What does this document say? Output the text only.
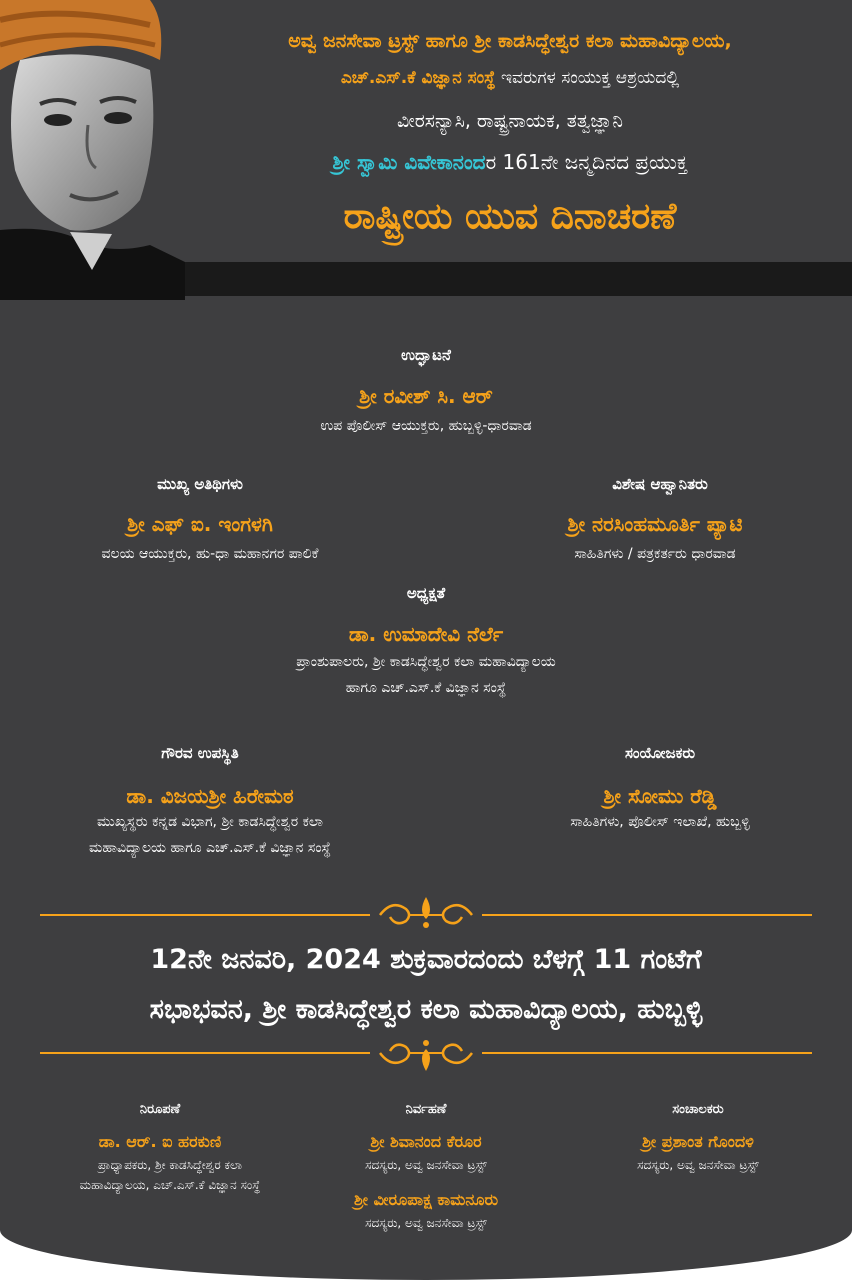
ಅವ್ವ ಜನಸೇವಾ ಟ್ರಸ್ಟ್ ಹಾಗೂ ಶ್ರೀ ಕಾಡಸಿದ್ಧೇಶ್ವರ ಕಲಾ ಮಹಾವಿದ್ಯಾಲಯ,

ಎಚ್.ಎಸ್.ಕೆ ವಿಜ್ಞಾನ ಸಂಸ್ಥೆ ಇವರುಗಳ ಸಂಯುಕ್ತ ಆಶ್ರಯದಲ್ಲಿ

ವೀರಸನ್ಯಾಸಿ, ರಾಷ್ಟ್ರನಾಯಕ, ತತ್ವಜ್ಞಾನಿ

ಶ್ರೀ ಸ್ವಾಮಿ ವಿವೇಕಾನಂದರ 161ನೇ ಜನ್ಮದಿನದ ಪ್ರಯುಕ್ತ

ರಾಷ್ಟ್ರೀಯ ಯುವ ದಿನಾಚರಣೆ

ಉದ್ಘಾಟನೆ

ಶ್ರೀ ರವೀಶ್ ಸಿ. ಆರ್

ಉಪ ಪೊಲೀಸ್ ಆಯುಕ್ತರು, ಹುಬ್ಬಳ್ಳಿ-ಧಾರವಾಡ

ಮುಖ್ಯ ಅತಿಥಿಗಳು

ಶ್ರೀ ಎಫ್ ಐ. ಇಂಗಳಗಿ

ವಲಯ ಆಯುಕ್ತರು, ಹು-ಧಾ ಮಹಾನಗರ ಪಾಲಿಕೆ

ವಿಶೇಷ ಆಹ್ವಾನಿತರು

ಶ್ರೀ ನರಸಿಂಹಮೂರ್ತಿ ಪ್ಯಾಟಿ

ಸಾಹಿತಿಗಳು / ಪತ್ರಕರ್ತರು ಧಾರವಾಡ

ಅಧ್ಯಕ್ಷತೆ

ಡಾ. ಉಮಾದೇವಿ ನೆರ್ಲೆ

ಪ್ರಾಂಶುಪಾಲರು, ಶ್ರೀ ಕಾಡಸಿದ್ಧೇಶ್ವರ ಕಲಾ ಮಹಾವಿದ್ಯಾಲಯ

ಹಾಗೂ ಎಚ್.ಎಸ್.ಕೆ ವಿಜ್ಞಾನ ಸಂಸ್ಥೆ

ಗೌರವ ಉಪಸ್ಥಿತಿ

ಡಾ. ವಿಜಯಶ್ರೀ ಹಿರೇಮಠ

ಮುಖ್ಯಸ್ಥರು ಕನ್ನಡ ವಿಭಾಗ, ಶ್ರೀ ಕಾಡಸಿದ್ಧೇಶ್ವರ ಕಲಾ

ಮಹಾವಿದ್ಯಾಲಯ ಹಾಗೂ ಎಚ್.ಎಸ್.ಕೆ ವಿಜ್ಞಾನ ಸಂಸ್ಥೆ

ಸಂಯೋಜಕರು

ಶ್ರೀ ಸೋಮು ರೆಡ್ಡಿ

ಸಾಹಿತಿಗಳು, ಪೊಲೀಸ್ ಇಲಾಖೆ, ಹುಬ್ಬಳ್ಳಿ

12ನೇ ಜನವರಿ, 2024 ಶುಕ್ರವಾರದಂದು ಬೆಳಗ್ಗೆ 11 ಗಂಟೆಗೆ

ಸಭಾಭವನ, ಶ್ರೀ ಕಾಡಸಿದ್ಧೇಶ್ವರ ಕಲಾ ಮಹಾವಿದ್ಯಾಲಯ, ಹುಬ್ಬಳ್ಳಿ

ನಿರೂಪಣೆ

ಡಾ. ಆರ್. ಐ ಹರಕುಣಿ

ಪ್ರಾಧ್ಯಾಪಕರು, ಶ್ರೀ ಕಾಡಸಿದ್ಧೇಶ್ವರ ಕಲಾ

ಮಹಾವಿದ್ಯಾಲಯ, ಎಚ್.ಎಸ್.ಕೆ ವಿಜ್ಞಾನ ಸಂಸ್ಥೆ

ನಿರ್ವಹಣೆ

ಶ್ರೀ ಶಿವಾನಂದ ಕೆರೂರ

ಸದಸ್ಯರು, ಅವ್ವ ಜನಸೇವಾ ಟ್ರಸ್ಟ್

ಶ್ರೀ ವೀರೂಪಾಕ್ಷ ಕಾಮನೂರು

ಸದಸ್ಯರು, ಅವ್ವ ಜನಸೇವಾ ಟ್ರಸ್ಟ್

ಸಂಚಾಲಕರು

ಶ್ರೀ ಪ್ರಶಾಂತ ಗೊಂದಳಿ

ಸದಸ್ಯರು, ಅವ್ವ ಜನಸೇವಾ ಟ್ರಸ್ಟ್
